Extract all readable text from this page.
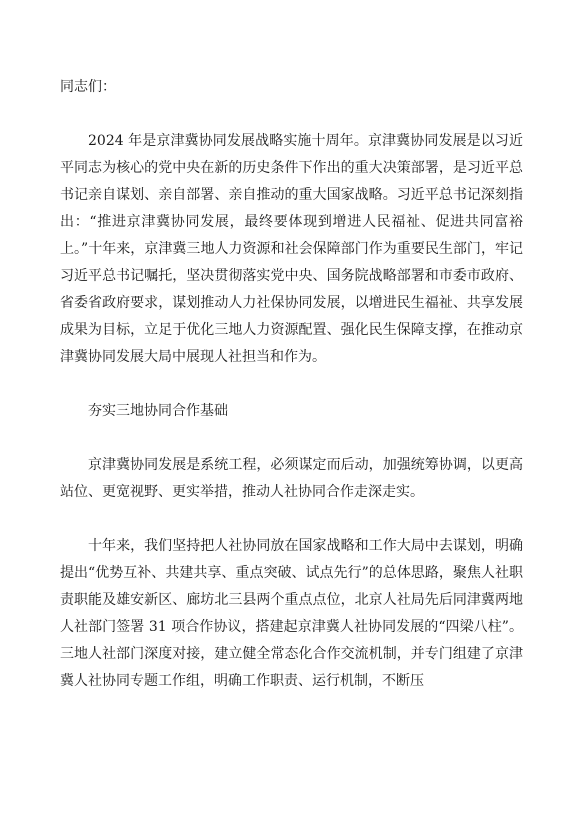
同志们：

2024 年是京津冀协同发展战略实施十周年。京津冀协同发展是以习近平同志为核心的党中央在新的历史条件下作出的重大决策部署，是习近平总书记亲自谋划、亲自部署、亲自推动的重大国家战略。习近平总书记深刻指出：“推进京津冀协同发展，最终要体现到增进人民福祉、促进共同富裕上。”十年来，京津冀三地人力资源和社会保障部门作为重要民生部门，牢记习近平总书记嘱托，坚决贯彻落实党中央、国务院战略部署和市委市政府、省委省政府要求，谋划推动人力社保协同发展，以增进民生福祉、共享发展成果为目标，立足于优化三地人力资源配置、强化民生保障支撑，在推动京津冀协同发展大局中展现人社担当和作为。

夯实三地协同合作基础

京津冀协同发展是系统工程，必须谋定而后动，加强统筹协调，以更高站位、更宽视野、更实举措，推动人社协同合作走深走实。

十年来，我们坚持把人社协同放在国家战略和工作大局中去谋划，明确提出“优势互补、共建共享、重点突破、试点先行”的总体思路，聚焦人社职责职能及雄安新区、廊坊北三县两个重点点位，北京人社局先后同津冀两地人社部门签署 31 项合作协议，搭建起京津冀人社协同发展的“四梁八柱”。三地人社部门深度对接，建立健全常态化合作交流机制，并专门组建了京津冀人社协同专题工作组，明确工作职责、运行机制，不断压
